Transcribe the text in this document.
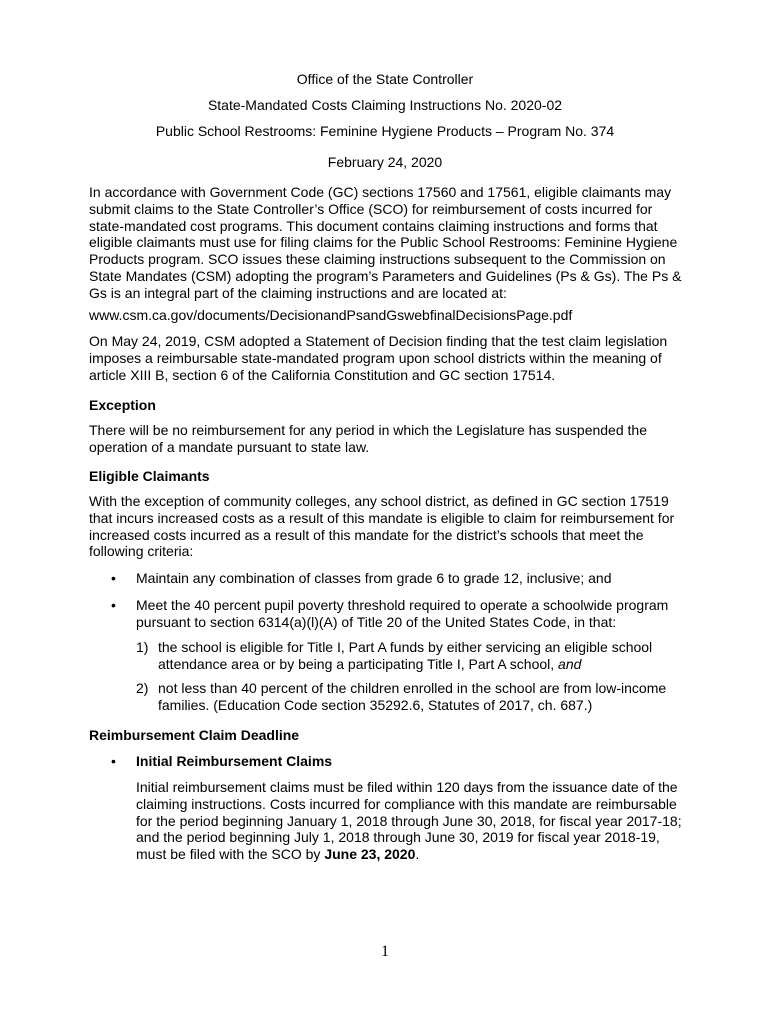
Office of the State Controller
State-Mandated Costs Claiming Instructions No. 2020-02
Public School Restrooms: Feminine Hygiene Products – Program No. 374
February 24, 2020

In accordance with Government Code (GC) sections 17560 and 17561, eligible claimants may submit claims to the State Controller’s Office (SCO) for reimbursement of costs incurred for state-mandated cost programs. This document contains claiming instructions and forms that eligible claimants must use for filing claims for the Public School Restrooms: Feminine Hygiene Products program. SCO issues these claiming instructions subsequent to the Commission on State Mandates (CSM) adopting the program’s Parameters and Guidelines (Ps & Gs). The Ps & Gs is an integral part of the claiming instructions and are located at:

www.csm.ca.gov/documents/DecisionandPsandGswebfinalDecisionsPage.pdf

On May 24, 2019, CSM adopted a Statement of Decision finding that the test claim legislation imposes a reimbursable state-mandated program upon school districts within the meaning of article XIII B, section 6 of the California Constitution and GC section 17514.

Exception

There will be no reimbursement for any period in which the Legislature has suspended the operation of a mandate pursuant to state law.

Eligible Claimants

With the exception of community colleges, any school district, as defined in GC section 17519 that incurs increased costs as a result of this mandate is eligible to claim for reimbursement for increased costs incurred as a result of this mandate for the district’s schools that meet the following criteria:

• Maintain any combination of classes from grade 6 to grade 12, inclusive; and

• Meet the 40 percent pupil poverty threshold required to operate a schoolwide program pursuant to section 6314(a)(l)(A) of Title 20 of the United States Code, in that:

1) the school is eligible for Title I, Part A funds by either servicing an eligible school attendance area or by being a participating Title I, Part A school, and

2) not less than 40 percent of the children enrolled in the school are from low-income families. (Education Code section 35292.6, Statutes of 2017, ch. 687.)

Reimbursement Claim Deadline

• Initial Reimbursement Claims

Initial reimbursement claims must be filed within 120 days from the issuance date of the claiming instructions. Costs incurred for compliance with this mandate are reimbursable for the period beginning January 1, 2018 through June 30, 2018, for fiscal year 2017-18; and the period beginning July 1, 2018 through June 30, 2019 for fiscal year 2018-19, must be filed with the SCO by June 23, 2020.

1
